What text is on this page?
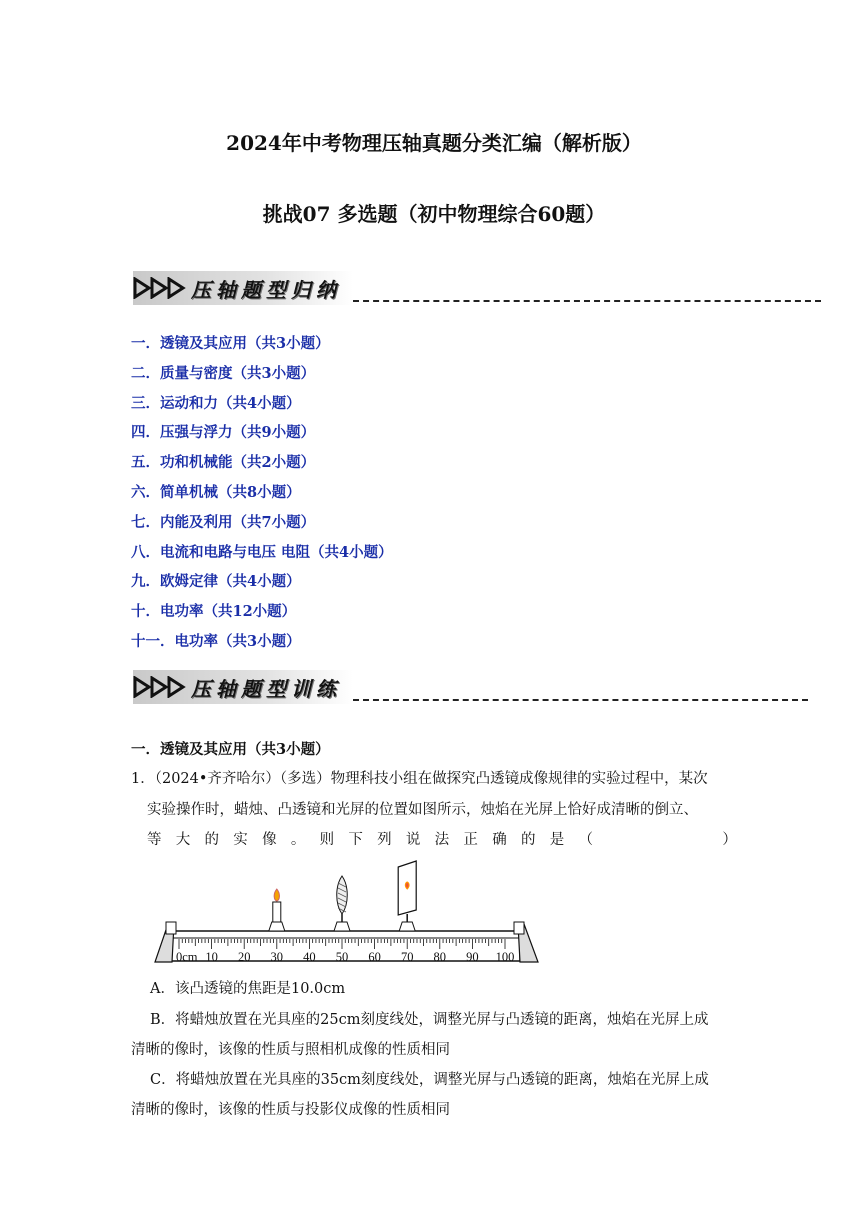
2024年中考物理压轴真题分类汇编（解析版）
挑战07 多选题（初中物理综合60题）
压轴题型归纳
一．透镜及其应用（共3小题）
二．质量与密度（共3小题）
三．运动和力（共4小题）
四．压强与浮力（共9小题）
五．功和机械能（共2小题）
六．简单机械（共8小题）
七．内能及利用（共7小题）
八．电流和电路与电压 电阻（共4小题）
九．欧姆定律（共4小题）
十．电功率（共12小题）
十一．电功率（共3小题）
压轴题型训练
一．透镜及其应用（共3小题）
1．（2024•齐齐哈尔）（多选）物理科技小组在做探究凸透镜成像规律的实验过程中，某次
实验操作时，蜡烛、凸透镜和光屏的位置如图所示，烛焰在光屏上恰好成清晰的倒立、
等 大 的 实 像 。 则 下 列 说 法 正 确 的 是 （

　	）
0cm 10 20 30 40 50 60 70 80 90 100
A．该凸透镜的焦距是10.0cm
B．将蜡烛放置在光具座的25cm刻度线处，调整光屏与凸透镜的距离，烛焰在光屏上成
清晰的像时，该像的性质与照相机成像的性质相同
C．将蜡烛放置在光具座的35cm刻度线处，调整光屏与凸透镜的距离，烛焰在光屏上成
清晰的像时，该像的性质与投影仪成像的性质相同
